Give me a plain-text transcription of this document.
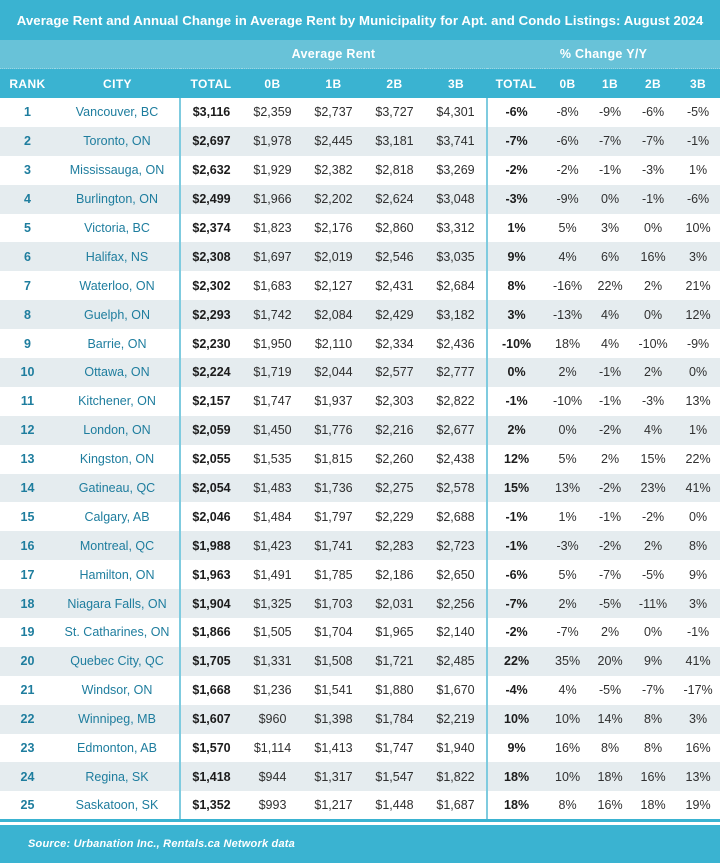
Average Rent and Annual Change in Average Rent by Municipality for Apt. and Condo Listings: August 2024
		Average Rent					% Change Y/Y				
RANK	CITY	TOTAL	0B	1B	2B	3B	TOTAL	0B	1B	2B	3B
1	Vancouver, BC	$3,116	$2,359	$2,737	$3,727	$4,301	-6%	-8%	-9%	-6%	-5%
2	Toronto, ON	$2,697	$1,978	$2,445	$3,181	$3,741	-7%	-6%	-7%	-7%	-1%
3	Mississauga, ON	$2,632	$1,929	$2,382	$2,818	$3,269	-2%	-2%	-1%	-3%	1%
4	Burlington, ON	$2,499	$1,966	$2,202	$2,624	$3,048	-3%	-9%	0%	-1%	-6%
5	Victoria, BC	$2,374	$1,823	$2,176	$2,860	$3,312	1%	5%	3%	0%	10%
6	Halifax, NS	$2,308	$1,697	$2,019	$2,546	$3,035	9%	4%	6%	16%	3%
7	Waterloo, ON	$2,302	$1,683	$2,127	$2,431	$2,684	8%	-16%	22%	2%	21%
8	Guelph, ON	$2,293	$1,742	$2,084	$2,429	$3,182	3%	-13%	4%	0%	12%
9	Barrie, ON	$2,230	$1,950	$2,110	$2,334	$2,436	-10%	18%	4%	-10%	-9%
10	Ottawa, ON	$2,224	$1,719	$2,044	$2,577	$2,777	0%	2%	-1%	2%	0%
11	Kitchener, ON	$2,157	$1,747	$1,937	$2,303	$2,822	-1%	-10%	-1%	-3%	13%
12	London, ON	$2,059	$1,450	$1,776	$2,216	$2,677	2%	0%	-2%	4%	1%
13	Kingston, ON	$2,055	$1,535	$1,815	$2,260	$2,438	12%	5%	2%	15%	22%
14	Gatineau, QC	$2,054	$1,483	$1,736	$2,275	$2,578	15%	13%	-2%	23%	41%
15	Calgary, AB	$2,046	$1,484	$1,797	$2,229	$2,688	-1%	1%	-1%	-2%	0%
16	Montreal, QC	$1,988	$1,423	$1,741	$2,283	$2,723	-1%	-3%	-2%	2%	8%
17	Hamilton, ON	$1,963	$1,491	$1,785	$2,186	$2,650	-6%	5%	-7%	-5%	9%
18	Niagara Falls, ON	$1,904	$1,325	$1,703	$2,031	$2,256	-7%	2%	-5%	-11%	3%
19	St. Catharines, ON	$1,866	$1,505	$1,704	$1,965	$2,140	-2%	-7%	2%	0%	-1%
20	Quebec City, QC	$1,705	$1,331	$1,508	$1,721	$2,485	22%	35%	20%	9%	41%
21	Windsor, ON	$1,668	$1,236	$1,541	$1,880	$1,670	-4%	4%	-5%	-7%	-17%
22	Winnipeg, MB	$1,607	$960	$1,398	$1,784	$2,219	10%	10%	14%	8%	3%
23	Edmonton, AB	$1,570	$1,114	$1,413	$1,747	$1,940	9%	16%	8%	8%	16%
24	Regina, SK	$1,418	$944	$1,317	$1,547	$1,822	18%	10%	18%	16%	13%
25	Saskatoon, SK	$1,352	$993	$1,217	$1,448	$1,687	18%	8%	16%	18%	19%
Source: Urbanation Inc., Rentals.ca Network data
